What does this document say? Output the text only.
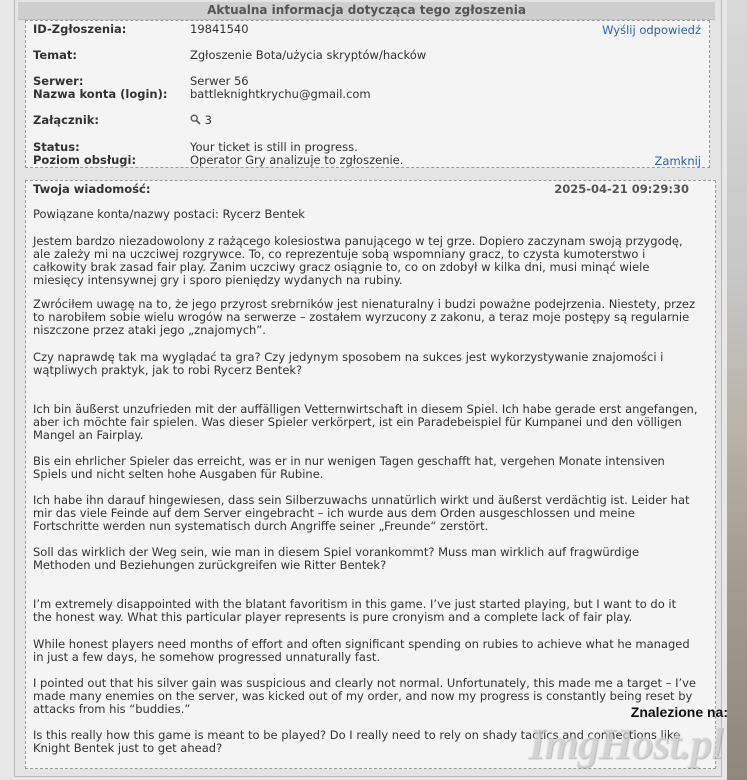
Aktualna informacja dotycząca tego zgłoszenia
ID-Zgłoszenia:	19841540	Wyślij odpowiedź
Temat:	Zgłoszenie Bota/użycia skryptów/hacków
Serwer:	Serwer 56
Nazwa konta (login): battleknightkrychu@gmail.com
Załącznik:	3
Status:	Your ticket is still in progress.
Poziom obsługi:	Operator Gry analizuje to zgłoszenie.	Zamknij
Twoja wiadomość:	2025-04-21 09:29:30
Powiązane konta/nazwy postaci: Rycerz Bentek
Jestem bardzo niezadowolony z rażącego kolesiostwa panującego w tej grze. Dopiero zaczynam swoją przygodę, ale zależy mi na uczciwej rozgrywce. To, co reprezentuje sobą wspomniany gracz, to czysta kumoterstwo i całkowity brak zasad fair play. Zanim uczciwy gracz osiągnie to, co on zdobył w kilka dni, musi minąć wiele miesięcy intensywnej gry i sporo pieniędzy wydanych na rubiny.
Zwróciłem uwagę na to, że jego przyrost srebrników jest nienaturalny i budzi poważne podejrzenia. Niestety, przez to narobiłem sobie wielu wrogów na serwerze – zostałem wyrzucony z zakonu, a teraz moje postępy są regularnie niszczone przez ataki jego „znajomych”.
Czy naprawdę tak ma wyglądać ta gra? Czy jedynym sposobem na sukces jest wykorzystywanie znajomości i wątpliwych praktyk, jak to robi Rycerz Bentek?
Ich bin äußerst unzufrieden mit der auffälligen Vetternwirtschaft in diesem Spiel. Ich habe gerade erst angefangen, aber ich möchte fair spielen. Was dieser Spieler verkörpert, ist ein Paradebeispiel für Kumpanei und den völligen Mangel an Fairplay.
Bis ein ehrlicher Spieler das erreicht, was er in nur wenigen Tagen geschafft hat, vergehen Monate intensiven Spiels und nicht selten hohe Ausgaben für Rubine.
Ich habe ihn darauf hingewiesen, dass sein Silberzuwachs unnatürlich wirkt und äußerst verdächtig ist. Leider hat mir das viele Feinde auf dem Server eingebracht – ich wurde aus dem Orden ausgeschlossen und meine Fortschritte werden nun systematisch durch Angriffe seiner „Freunde“ zerstört.
Soll das wirklich der Weg sein, wie man in diesem Spiel vorankommt? Muss man wirklich auf fragwürdige Methoden und Beziehungen zurückgreifen wie Ritter Bentek?
I’m extremely disappointed with the blatant favoritism in this game. I’ve just started playing, but I want to do it the honest way. What this particular player represents is pure cronyism and a complete lack of fair play.
While honest players need months of effort and often significant spending on rubies to achieve what he managed in just a few days, he somehow progressed unnaturally fast.
I pointed out that his silver gain was suspicious and clearly not normal. Unfortunately, this made me a target – I’ve made many enemies on the server, was kicked out of my order, and now my progress is constantly being reset by attacks from his “buddies.”
Is this really how this game is meant to be played? Do I really need to rely on shady tactics and connections like Knight Bentek just to get ahead?
Znalezione na:
ImgHost.pl
